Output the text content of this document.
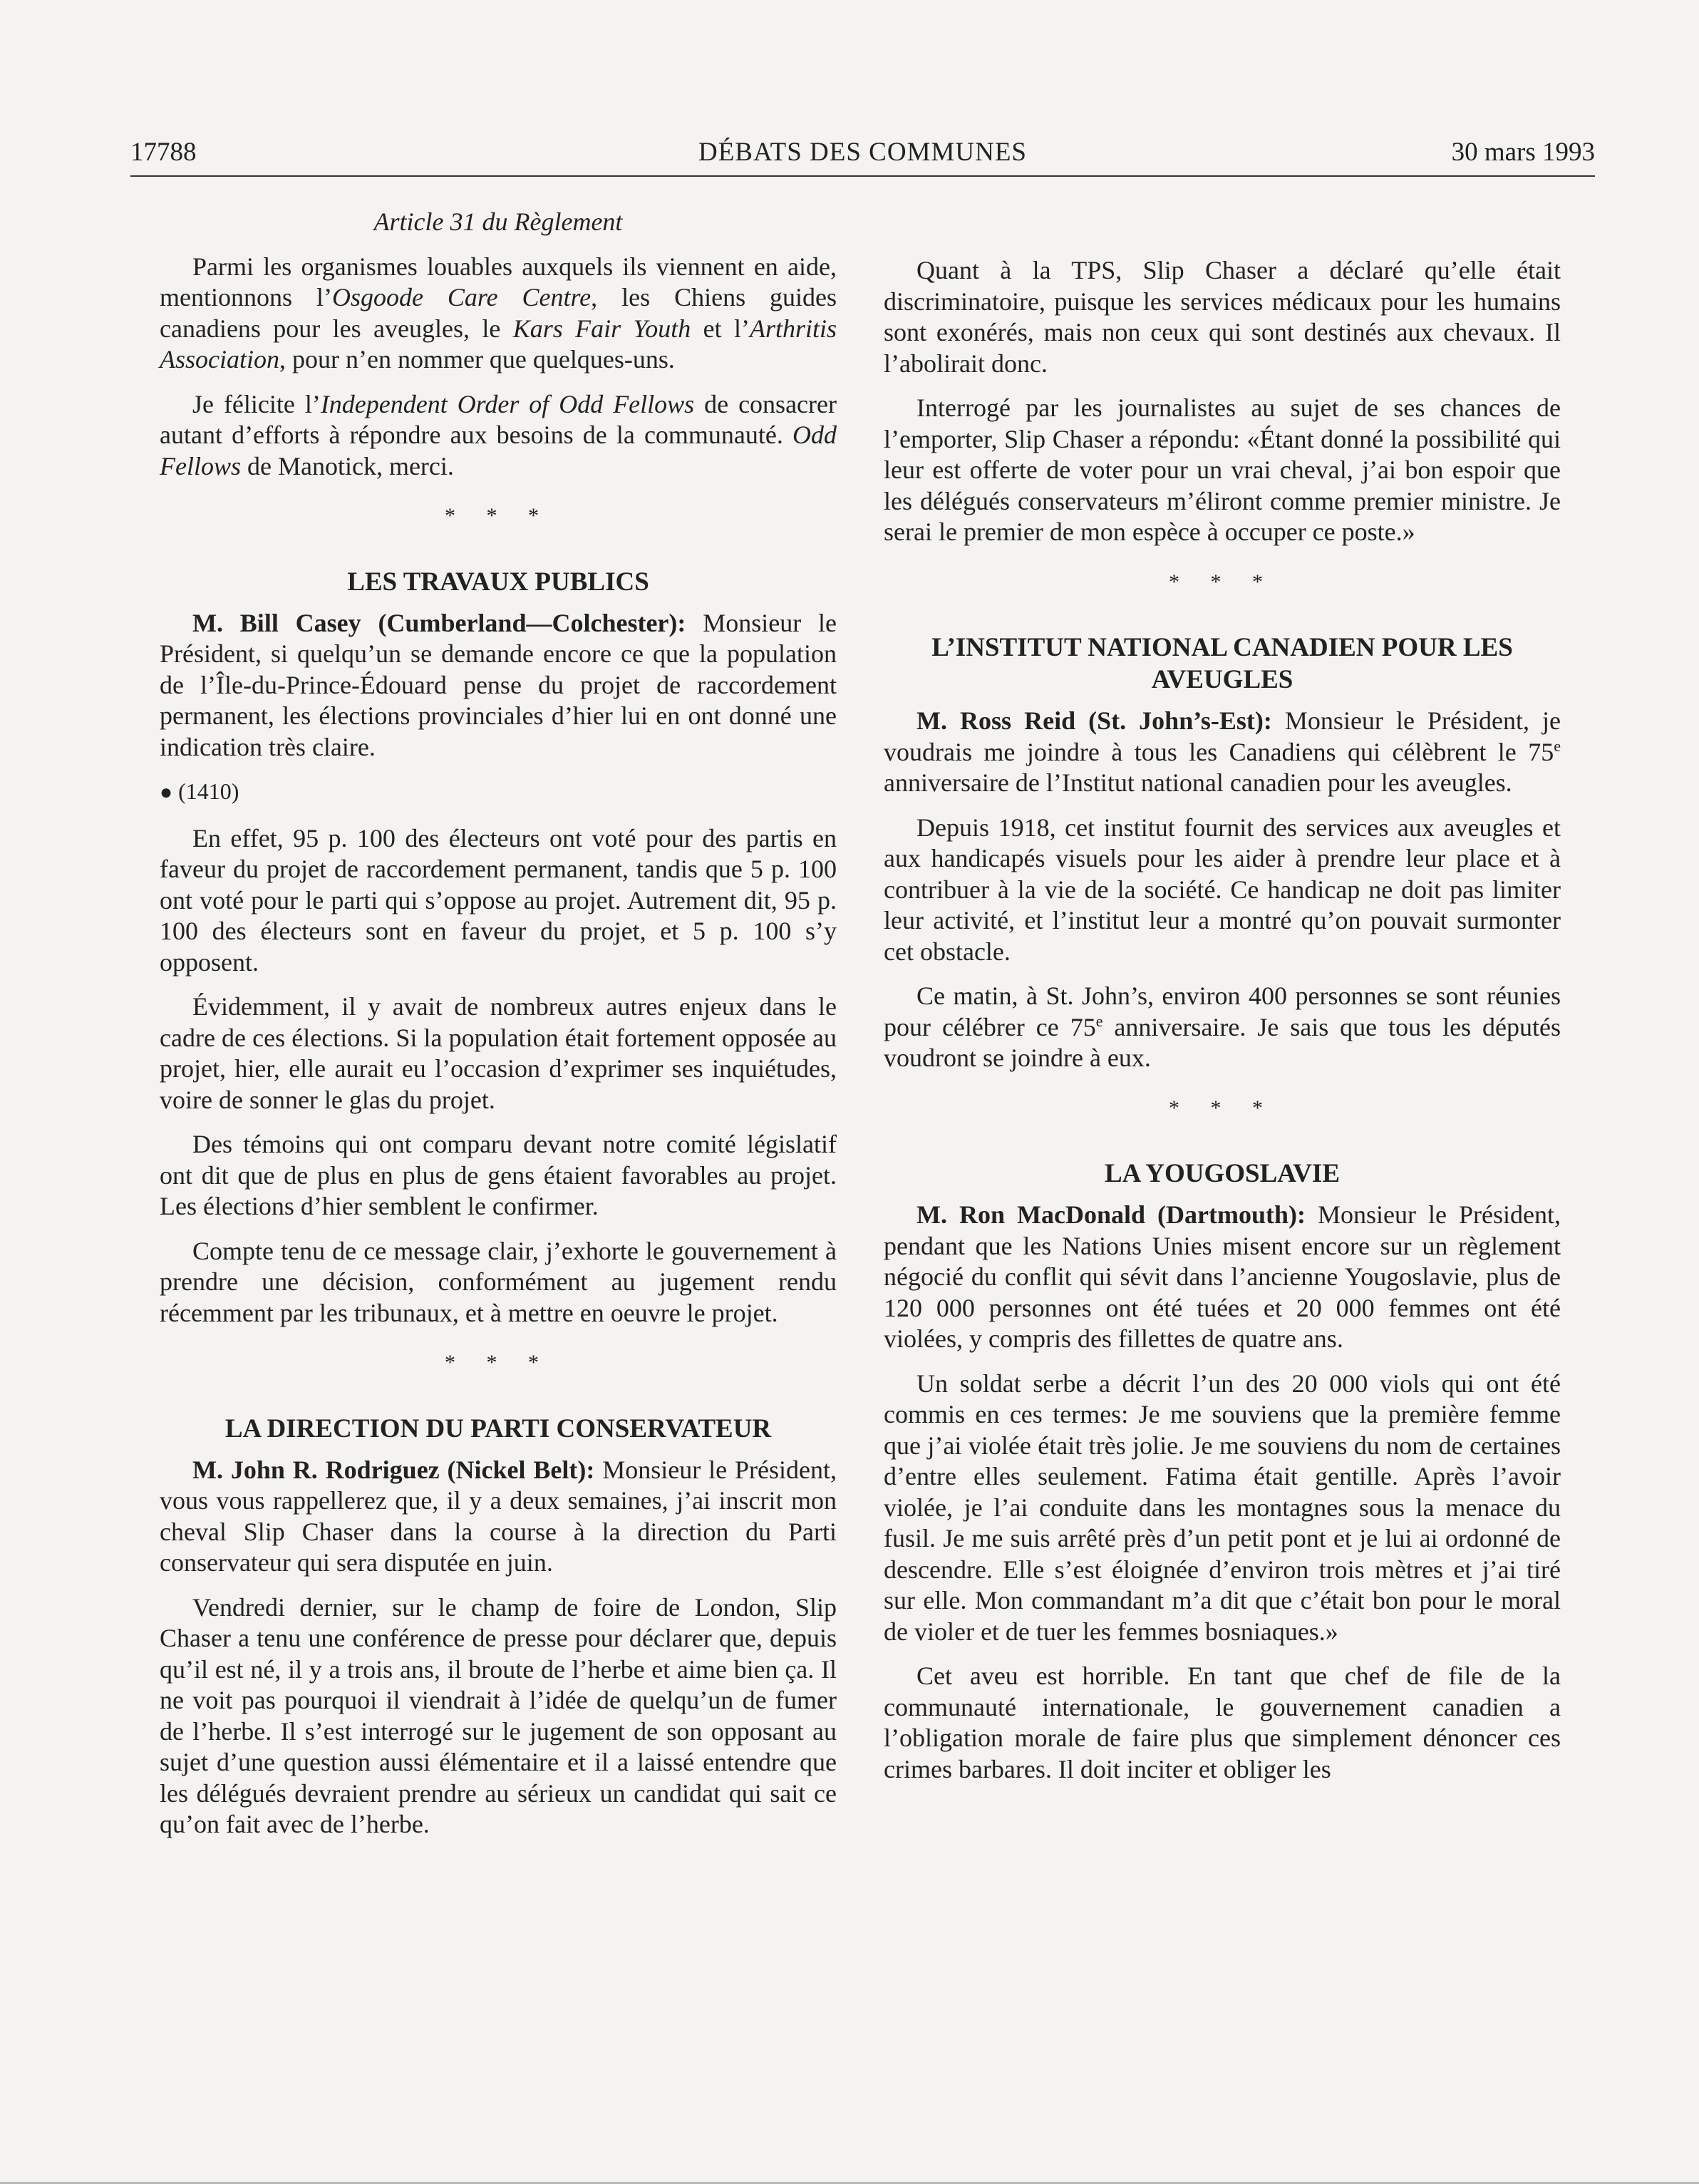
17788	DÉBATS DES COMMUNES	30 mars 1993
Article 31 du Règlement

Parmi les organismes louables auxquels ils viennent en aide, mentionnons l’Osgoode Care Centre, les Chiens guides canadiens pour les aveugles, le Kars Fair Youth et l’Arthritis Association, pour n’en nommer que quelques-uns.

Je félicite l’Independent Order of Odd Fellows de consacrer autant d’efforts à répondre aux besoins de la communauté. Odd Fellows de Manotick, merci.

* * *
LES TRAVAUX PUBLICS

M. Bill Casey (Cumberland—Colchester): Monsieur le Président, si quelqu’un se demande encore ce que la population de l’Île-du-Prince-Édouard pense du projet de raccordement permanent, les élections provinciales d’hier lui en ont donné une indication très claire.

● (1410)

En effet, 95 p. 100 des électeurs ont voté pour des partis en faveur du projet de raccordement permanent, tandis que 5 p. 100 ont voté pour le parti qui s’oppose au projet. Autrement dit, 95 p. 100 des électeurs sont en faveur du projet, et 5 p. 100 s’y opposent.

Évidemment, il y avait de nombreux autres enjeux dans le cadre de ces élections. Si la population était fortement opposée au projet, hier, elle aurait eu l’occasion d’exprimer ses inquiétudes, voire de sonner le glas du projet.

Des témoins qui ont comparu devant notre comité législatif ont dit que de plus en plus de gens étaient favorables au projet. Les élections d’hier semblent le confirmer.

Compte tenu de ce message clair, j’exhorte le gouvernement à prendre une décision, conformément au jugement rendu récemment par les tribunaux, et à mettre en oeuvre le projet.

* * *
LA DIRECTION DU PARTI CONSERVATEUR

M. John R. Rodriguez (Nickel Belt): Monsieur le Président, vous vous rappellerez que, il y a deux semaines, j’ai inscrit mon cheval Slip Chaser dans la course à la direction du Parti conservateur qui sera disputée en juin.

Vendredi dernier, sur le champ de foire de London, Slip Chaser a tenu une conférence de presse pour déclarer que, depuis qu’il est né, il y a trois ans, il broute de l’herbe et aime bien ça. Il ne voit pas pourquoi il viendrait à l’idée de quelqu’un de fumer de l’herbe. Il s’est interrogé sur le jugement de son opposant au sujet d’une question aussi élémentaire et il a laissé entendre que les délégués devraient prendre au sérieux un candidat qui sait ce qu’on fait avec de l’herbe.

Quant à la TPS, Slip Chaser a déclaré qu’elle était discriminatoire, puisque les services médicaux pour les humains sont exonérés, mais non ceux qui sont destinés aux chevaux. Il l’abolirait donc.

Interrogé par les journalistes au sujet de ses chances de l’emporter, Slip Chaser a répondu: «Étant donné la possibilité qui leur est offerte de voter pour un vrai cheval, j’ai bon espoir que les délégués conservateurs m’éliront comme premier ministre. Je serai le premier de mon espèce à occuper ce poste.»

* * *
L’INSTITUT NATIONAL CANADIEN POUR LES AVEUGLES

M. Ross Reid (St. John’s-Est): Monsieur le Président, je voudrais me joindre à tous les Canadiens qui célèbrent le 75e anniversaire de l’Institut national canadien pour les aveugles.

Depuis 1918, cet institut fournit des services aux aveugles et aux handicapés visuels pour les aider à prendre leur place et à contribuer à la vie de la société. Ce handicap ne doit pas limiter leur activité, et l’institut leur a montré qu’on pouvait surmonter cet obstacle.

Ce matin, à St. John’s, environ 400 personnes se sont réunies pour célébrer ce 75e anniversaire. Je sais que tous les députés voudront se joindre à eux.

* * *
LA YOUGOSLAVIE

M. Ron MacDonald (Dartmouth): Monsieur le Président, pendant que les Nations Unies misent encore sur un règlement négocié du conflit qui sévit dans l’ancienne Yougoslavie, plus de 120 000 personnes ont été tuées et 20 000 femmes ont été violées, y compris des fillettes de quatre ans.

Un soldat serbe a décrit l’un des 20 000 viols qui ont été commis en ces termes: Je me souviens que la première femme que j’ai violée était très jolie. Je me souviens du nom de certaines d’entre elles seulement. Fatima était gentille. Après l’avoir violée, je l’ai conduite dans les montagnes sous la menace du fusil. Je me suis arrêté près d’un petit pont et je lui ai ordonné de descendre. Elle s’est éloignée d’environ trois mètres et j’ai tiré sur elle. Mon commandant m’a dit que c’était bon pour le moral de violer et de tuer les femmes bosniaques.»

Cet aveu est horrible. En tant que chef de file de la communauté internationale, le gouvernement canadien a l’obligation morale de faire plus que simplement dénoncer ces crimes barbares. Il doit inciter et obliger les
